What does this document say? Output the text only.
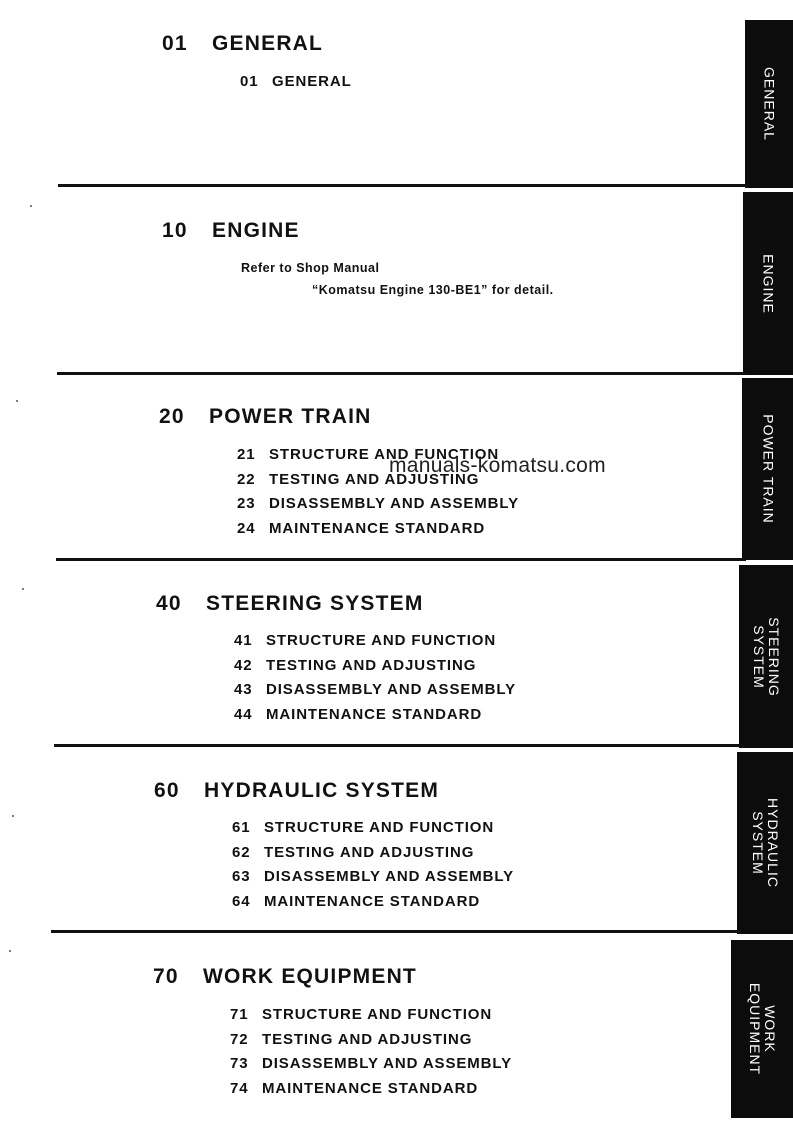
01 GENERAL
01 GENERAL	GENERAL
10 ENGINE
Refer to Shop Manual
“Komatsu Engine 130-BE1” for detail.	ENGINE
20 POWER TRAIN
21 STRUCTURE AND FUNCTION
22 TESTING AND ADJUSTING
23 DISASSEMBLY AND ASSEMBLY
24 MAINTENANCE STANDARD
POWER TRAIN
40 STEERING SYSTEM
41 STRUCTURE AND FUNCTION
42 TESTING AND ADJUSTING
43 DISASSEMBLY AND ASSEMBLY
44 MAINTENANCE STANDARD
STEERING
SYSTEM
60 HYDRAULIC SYSTEM
61 STRUCTURE AND FUNCTION
62 TESTING AND ADJUSTING
63 DISASSEMBLY AND ASSEMBLY
64 MAINTENANCE STANDARD
HYDRAULIC
SYSTEM
70 WORK EQUIPMENT
71 STRUCTURE AND FUNCTION
72 TESTING AND ADJUSTING
73 DISASSEMBLY AND ASSEMBLY
74 MAINTENANCE STANDARD
WORK
EQUIPMENT
manuals-komatsu.com
